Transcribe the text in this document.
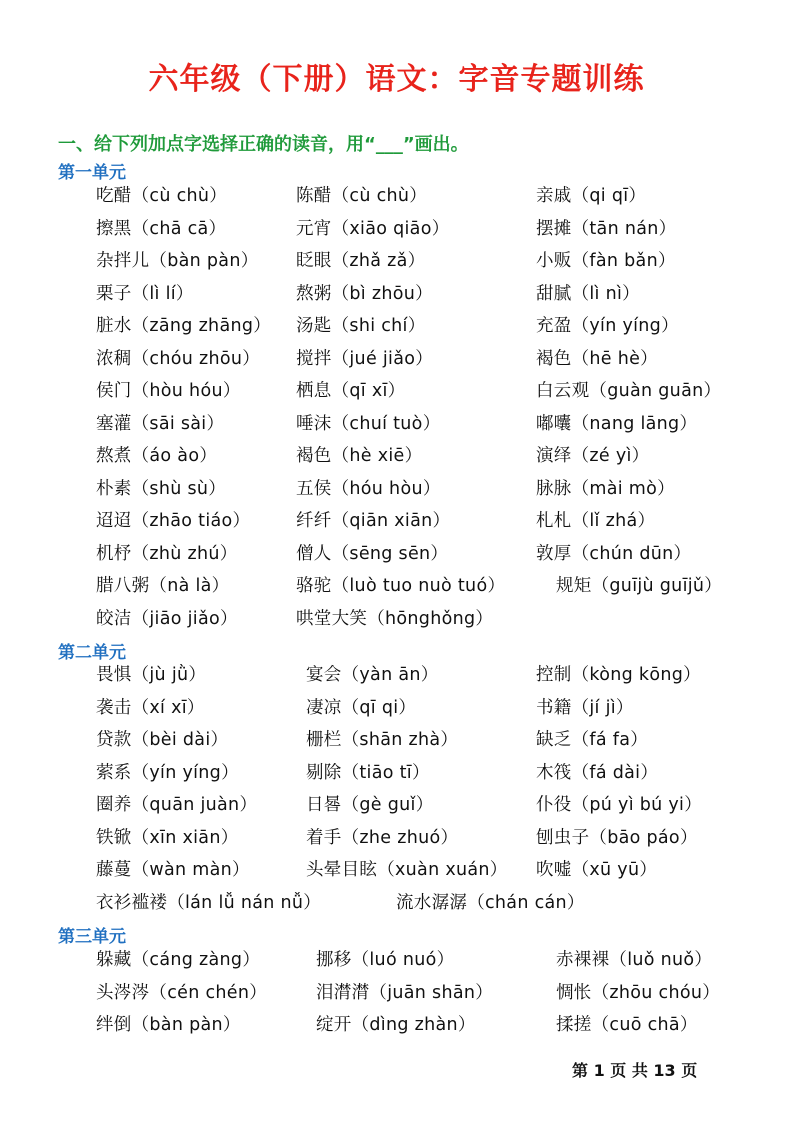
六年级（下册）语文：字音专题训练
一、给下列加点字选择正确的读音，用“___”画出。
第一单元
吃醋（cù chù）	陈醋（cù chù）	亲戚（qi qī）
擦黑（chā cā）	元宵（xiāo qiāo）	摆摊（tān nán）
杂拌儿（bàn pàn） 眨眼（zhǎ zǎ）	小贩（fàn bǎn）
栗子（lì lí）	熬粥（bì zhōu）	甜腻（lì nì）
脏水（zāng zhāng） 汤匙（shi chí）	充盈（yín yíng）
浓稠（chóu zhōu） 搅拌（jué jiǎo）	褐色（hē hè）
侯门（hòu hóu）	栖息（qī xī）	白云观（guàn guān）
塞灌（sāi sài）	唾沫（chuí tuò）	嘟囔（nang lāng）
熬煮（áo ào）	褐色（hè xiē）	演绎（zé yì）
朴素（shù sù）	五侯（hóu hòu）	脉脉（mài mò）
迢迢（zhāo tiáo）	纤纤（qiān xiān）	札札（lǐ zhá）
机杼（zhù zhú）	僧人（sēng sēn）	敦厚（chún dūn）
腊八粥（nà là）	骆驼（luò tuo nuò tuó）	规矩（guījù guījǔ）
皎洁（jiāo jiǎo）	哄堂大笑（hōnghǒng）
第二单元
畏惧（jù jǜ）	宴会（yàn ān）	控制（kòng kōng）
袭击（xí xī）	凄凉（qī qi）	书籍（jí jì）
贷款（bèi dài）	栅栏（shān zhà）	缺乏（fá fa）
萦系（yín yíng）	剔除（tiāo tī）	木筏（fá dài）
圈养（quān juàn）	日晷（gè guǐ）	仆役（pú yì bú yi）
铁锨（xīn xiān）	着手（zhe zhuó）	刨虫子（bāo páo）
藤蔓（wàn màn）	头晕目眩（xuàn xuán） 吹嘘（xū yū）
衣衫褴褛（lán lǚ nán nǚ）	流水潺潺（chán cán）
第三单元
躲藏（cáng zàng）	挪移（luó nuó）	赤裸裸（luǒ nuǒ）
头涔涔（cén chén）	泪潸潸（juān shān）	惆怅（zhōu chóu）
绊倒（bàn pàn）	绽开（dìng zhàn）	揉搓（cuō chā）
第 1 页 共 13 页
